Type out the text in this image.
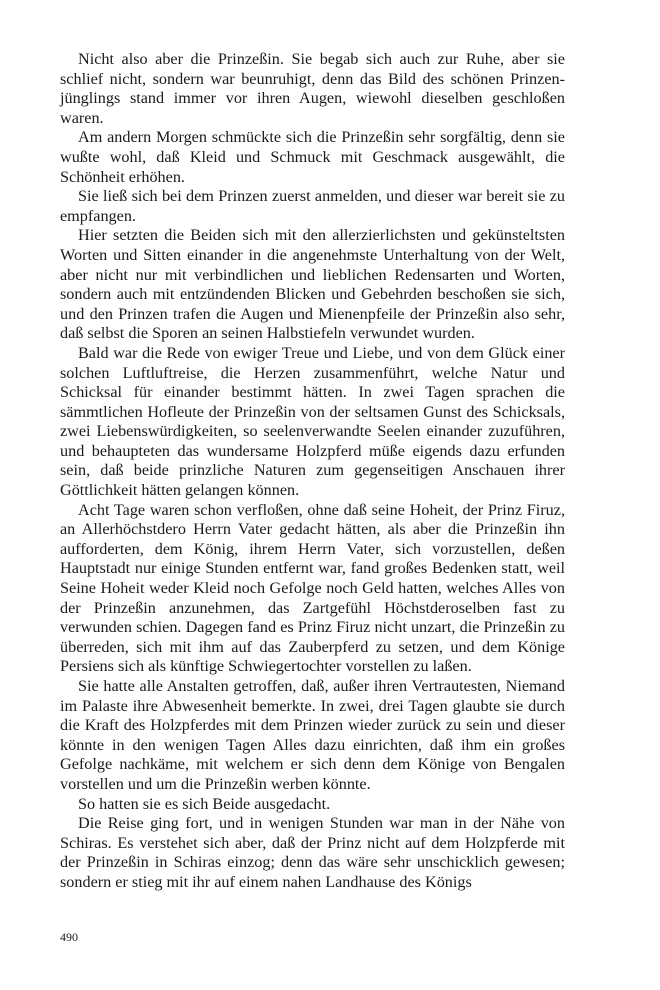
Nicht also aber die Prinzeßin. Sie begab sich auch zur Ruhe, aber sie schlief nicht, sondern war beunruhigt, denn das Bild des schönen Prinzenjünglings stand immer vor ihren Augen, wiewohl dieselben geschloßen waren.

Am andern Morgen schmückte sich die Prinzeßin sehr sorgfältig, denn sie wußte wohl, daß Kleid und Schmuck mit Geschmack ausgewählt, die Schönheit erhöhen.

Sie ließ sich bei dem Prinzen zuerst anmelden, und dieser war bereit sie zu empfangen.

Hier setzten die Beiden sich mit den allerzierlichsten und gekünsteltsten Worten und Sitten einander in die angenehmste Unterhaltung von der Welt, aber nicht nur mit verbindlichen und lieblichen Redensarten und Worten, sondern auch mit entzündenden Blicken und Gebehrden beschoßen sie sich, und den Prinzen trafen die Augen und Mienenpfeile der Prinzeßin also sehr, daß selbst die Sporen an seinen Halbstiefeln verwundet wurden.

Bald war die Rede von ewiger Treue und Liebe, und von dem Glück einer solchen Luftluftreise, die Herzen zusammenführt, welche Natur und Schicksal für einander bestimmt hätten. In zwei Tagen sprachen die sämmtlichen Hofleute der Prinzeßin von der seltsamen Gunst des Schicksals, zwei Liebenswürdigkeiten, so seelenverwandte Seelen einander zuzuführen, und behaupteten das wundersame Holzpferd müße eigends dazu erfunden sein, daß beide prinzliche Naturen zum gegenseitigen Anschauen ihrer Göttlichkeit hätten gelangen können.

Acht Tage waren schon verfloßen, ohne daß seine Hoheit, der Prinz Firuz, an Allerhöchstdero Herrn Vater gedacht hätten, als aber die Prinzeßin ihn aufforderten, dem König, ihrem Herrn Vater, sich vorzustellen, deßen Hauptstadt nur einige Stunden entfernt war, fand großes Bedenken statt, weil Seine Hoheit weder Kleid noch Gefolge noch Geld hatten, welches Alles von der Prinzeßin anzunehmen, das Zartgefühl Höchstderoselben fast zu verwunden schien. Dagegen fand es Prinz Firuz nicht unzart, die Prinzeßin zu überreden, sich mit ihm auf das Zauberpferd zu setzen, und dem Könige Persiens sich als künftige Schwiegertochter vorstellen zu laßen.

Sie hatte alle Anstalten getroffen, daß, außer ihren Vertrautesten, Niemand im Palaste ihre Abwesenheit bemerkte. In zwei, drei Tagen glaubte sie durch die Kraft des Holzpferdes mit dem Prinzen wieder zurück zu sein und dieser könnte in den wenigen Tagen Alles dazu einrichten, daß ihm ein großes Gefolge nachkäme, mit welchem er sich denn dem Könige von Bengalen vorstellen und um die Prinzeßin werben könnte.

So hatten sie es sich Beide ausgedacht.

Die Reise ging fort, und in wenigen Stunden war man in der Nähe von Schiras. Es verstehet sich aber, daß der Prinz nicht auf dem Holzpferde mit der Prinzeßin in Schiras einzog; denn das wäre sehr unschicklich gewesen; sondern er stieg mit ihr auf einem nahen Landhause des Königs

490
